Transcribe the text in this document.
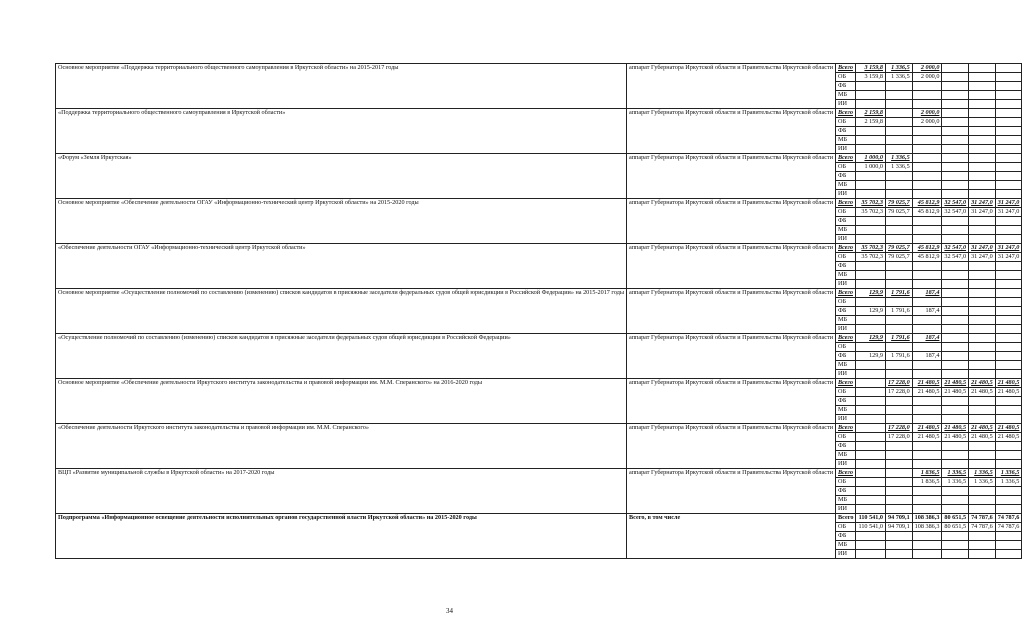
Основное мероприятие «Поддержка территориального общественного самоуправления в Иркутской области» на 2015-2017 годы	аппарат Губернатора Иркутской области и Правительства Иркутской области	Всего	3 159,8	1 336,5	2 000,0			
		ОБ	3 159,8	1 336,5	2 000,0			
		ФБ						
		МБ						
		ИИ						
«Поддержка территориального общественного самоуправления в Иркутской области»	аппарат Губернатора Иркутской области и Правительства Иркутской области	Всего	2 159,8		2 000,0			
		ОБ	2 159,8		2 000,0			
		ФБ						
		МБ						
		ИИ						
«Форум «Земля Иркутская»	аппарат Губернатора Иркутской области и Правительства Иркутской области	Всего	1 000,0	1 336,5				
		ОБ	1 000,0	1 336,5				
		ФБ						
		МБ						
		ИИ						
Основное мероприятие «Обеспечение деятельности ОГАУ «Информационно-технический центр Иркутской области» на 2015-2020 годы	аппарат Губернатора Иркутской области и Правительства Иркутской области	Всего	35 702,3	79 025,7	45 812,9	32 547,0	31 247,0	31 247,0
		ОБ	35 702,3	79 025,7	45 812,9	32 547,0	31 247,0	31 247,0
		ФБ						
		МБ						
		ИИ						
«Обеспечение деятельности ОГАУ «Информационно-технический центр Иркутской области»	аппарат Губернатора Иркутской области и Правительства Иркутской области	Всего	35 702,3	79 025,7	45 812,9	32 547,0	31 247,0	31 247,0
		ОБ	35 702,3	79 025,7	45 812,9	32 547,0	31 247,0	31 247,0
		ФБ						
		МБ						
		ИИ						
Основное мероприятие «Осуществление полномочий по составлению (изменению) списков кандидатов в присяжные заседатели федеральных судов общей юрисдикции в Российской Федерации» на 2015-2017 годы	аппарат Губернатора Иркутской области и Правительства Иркутской области	Всего	129,9	1 791,6	187,4			
		ОБ						
		ФБ	129,9	1 791,6	187,4			
		МБ						
		ИИ						
«Осуществление полномочий по составлению (изменению) списков кандидатов в присяжные заседатели федеральных судов общей юрисдикции в Российской Федерации»	аппарат Губернатора Иркутской области и Правительства Иркутской области	Всего	129,9	1 791,6	187,4			
		ОБ						
		ФБ	129,9	1 791,6	187,4			
		МБ						
		ИИ						
Основное мероприятие «Обеспечение деятельности Иркутского института законодательства и правовой информации им. М.М. Сперанского» на 2016-2020 годы	аппарат Губернатора Иркутской области и Правительства Иркутской области	Всего		17 228,0	21 480,5	21 480,5	21 480,5	21 480,5
		ОБ		17 228,0	21 480,5	21 480,5	21 480,5	21 480,5
		ФБ						
		МБ						
		ИИ						
«Обеспечение деятельности Иркутского института законодательства и правовой информации им. М.М. Сперанского»	аппарат Губернатора Иркутской области и Правительства Иркутской области	Всего		17 228,0	21 480,5	21 480,5	21 480,5	21 480,5
		ОБ		17 228,0	21 480,5	21 480,5	21 480,5	21 480,5
		ФБ						
		МБ						
		ИИ						
ВЦП «Развитие муниципальной службы в Иркутской области» на 2017-2020 годы	аппарат Губернатора Иркутской области и Правительства Иркутской области	Всего			1 836,5	1 336,5	1 336,5	1 336,5
		ОБ			1 836,5	1 336,5	1 336,5	1 336,5
		ФБ						
		МБ						
		ИИ						
Подпрограмма «Информационное освещение деятельности исполнительных органов государственной власти Иркутской области» на 2015-2020 годы	Всего, в том числе	Всего	110 541,0	94 709,1	108 386,3	80 651,5	74 787,6	74 787,6
		ОБ	110 541,0	94 709,1	108 386,3	80 651,5	74 787,6	74 787,6
		ФБ						
		МБ						
		ИИ						
34
